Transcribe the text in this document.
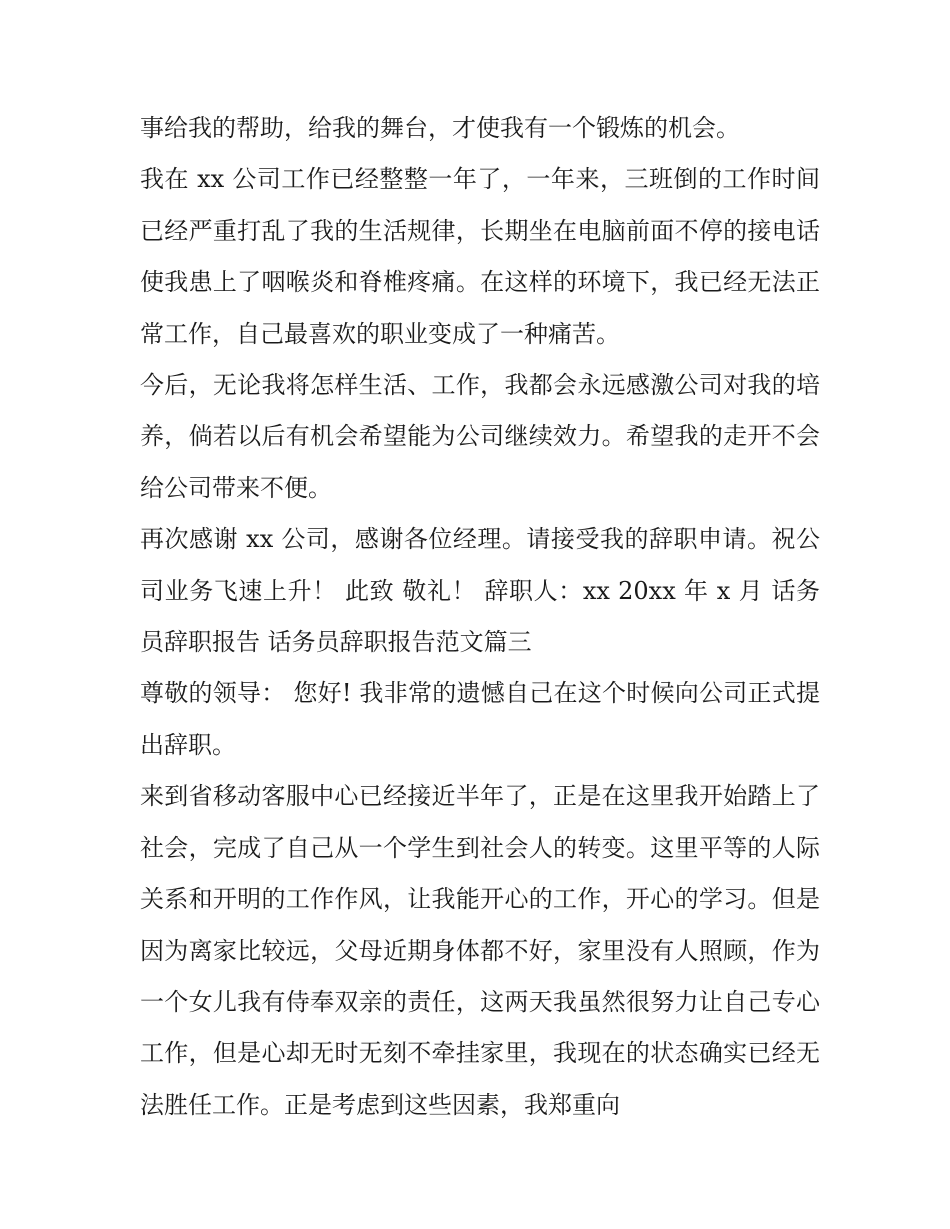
事给我的帮助，给我的舞台，才使我有一个锻炼的机会。

我在 xx 公司工作已经整整一年了，一年来，三班倒的工作时间已经严重打乱了我的生活规律，长期坐在电脑前面不停的接电话使我患上了咽喉炎和脊椎疼痛。在这样的环境下，我已经无法正常工作，自己最喜欢的职业变成了一种痛苦。

今后，无论我将怎样生活、工作，我都会永远感激公司对我的培养，倘若以后有机会希望能为公司继续效力。希望我的走开不会给公司带来不便。

再次感谢 xx 公司，感谢各位经理。请接受我的辞职申请。祝公司业务飞速上升！ 此致 敬礼！ 辞职人：xx 20xx 年 x 月 话务员辞职报告 话务员辞职报告范文篇三

尊敬的领导： 您好! 我非常的遗憾自己在这个时候向公司正式提出辞职。

来到省移动客服中心已经接近半年了，正是在这里我开始踏上了社会，完成了自己从一个学生到社会人的转变。这里平等的人际关系和开明的工作作风，让我能开心的工作，开心的学习。但是因为离家比较远，父母近期身体都不好，家里没有人照顾，作为一个女儿我有侍奉双亲的责任，这两天我虽然很努力让自己专心工作，但是心却无时无刻不牵挂家里，我现在的状态确实已经无法胜任工作。正是考虑到这些因素，我郑重向
